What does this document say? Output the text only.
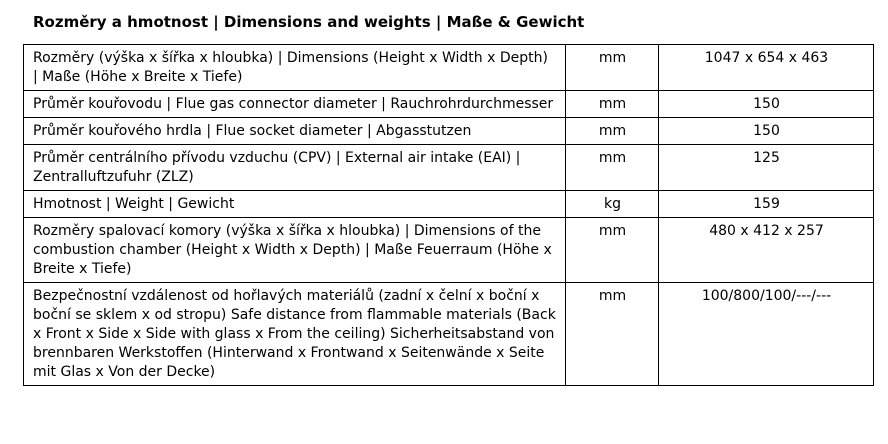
Rozměry a hmotnost | Dimensions and weights | Maße & Gewicht
Rozměry (výška x šířka x hloubka) | Dimensions (Height x Width x Depth) | Maße (Höhe x Breite x Tiefe)	mm	1047 x 654 x 463
Průměr kouřovodu | Flue gas connector diameter | Rauchrohrdurchmesser	mm	150
Průměr kouřového hrdla | Flue socket diameter | Abgasstutzen	mm	150
Průměr centrálního přívodu vzduchu (CPV) | External air intake (EAI) | Zentralluftzufuhr (ZLZ)	mm	125
Hmotnost | Weight | Gewicht	kg	159
Rozměry spalovací komory (výška x šířka x hloubka) | Dimensions of the combustion chamber (Height x Width x Depth) | Maße Feuerraum (Höhe x Breite x Tiefe)	mm	480 x 412 x 257
Bezpečnostní vzdálenost od hořlavých materiálů (zadní x čelní x boční x boční se sklem x od stropu) Safe distance from flammable materials (Back x Front x Side x Side with glass x From the ceiling) Sicherheitsabstand von brennbaren Werkstoffen (Hinterwand x Frontwand x Seitenwände x Seite mit Glas x Von der Decke)	mm	100/800/100/---/---
